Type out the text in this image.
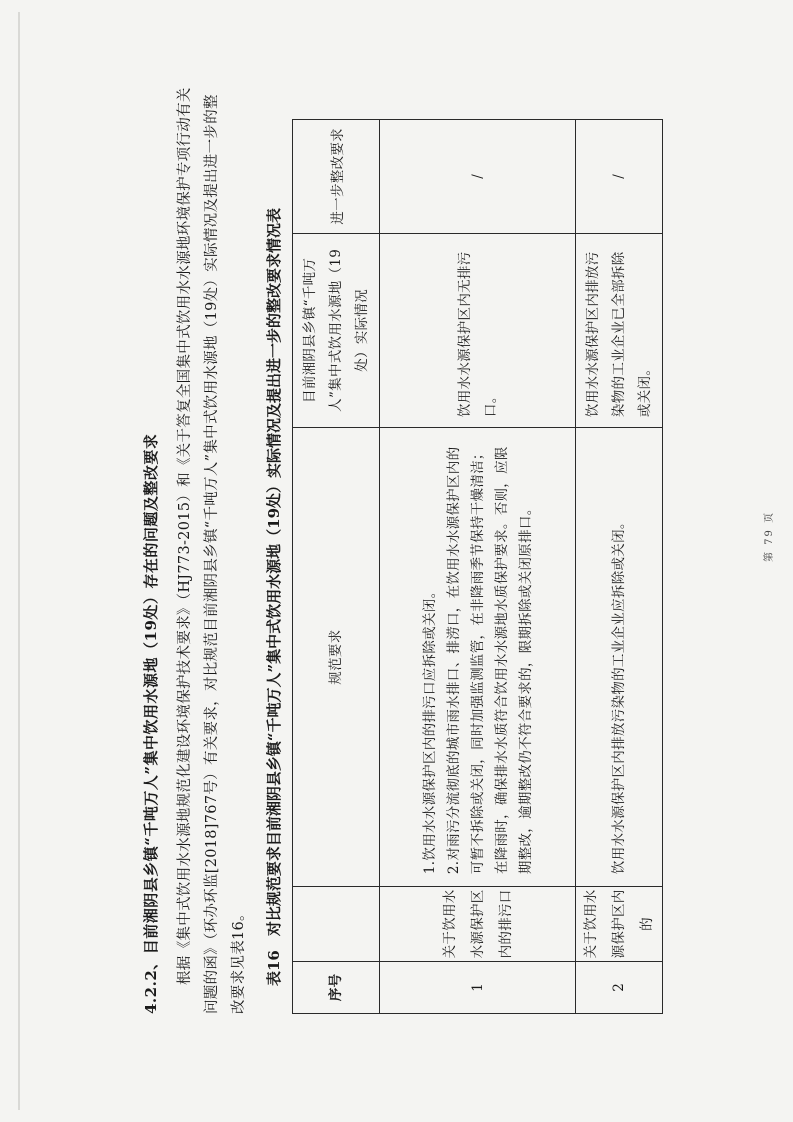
4.2.2、目前湘阴县乡镇“千吨万人”集中饮用水源地（19处）存在的问题及整改要求	根据《集中式饮用水水源地规范化建设环境保护技术要求》（HJ773-2015）和《关于答复全国集中式饮用水水源地环境保护专项行动有关问题的函》（环办环监[2018]767号）有关要求，对比规范目前湘阴县乡镇“千吨万人”集中式饮用水源地（19处）实际情况及提出进一步的整改要求见表16。	表16对比规范要求目前湘阴县乡镇“千吨万人”集中式饮用水源地（19处）实际情况及提出进一步的整改要求情况表
序号		规范要求	目前湘阴县乡镇“千吨万人”集中式饮用水源地（19处）实际情况	进一步整改要求
1	关于饮用水水源保护区内的排污口	1.饮用水水源保护区内的排污口应拆除或关闭。 2.对雨污分流彻底的城市雨水排口、排涝口，在饮用水水源保护区内的可暂不拆除或关闭，同时加强监测监管，在非降雨季节保持干燥清洁；在降雨时，确保排水水质符合饮用水水源地水质保护要求。否则，应限期整改，逾期整改仍不符合要求的，限期拆除或关闭原排口。	饮用水水源保护区内无排污口。	/
2	关于饮用水源保护区内的	饮用水水源保护区内排放污染物的工业企业应拆除或关闭。	饮用水水源保护区内排放污染物的工业企业已全部拆除或关闭。	/
第 79 页
